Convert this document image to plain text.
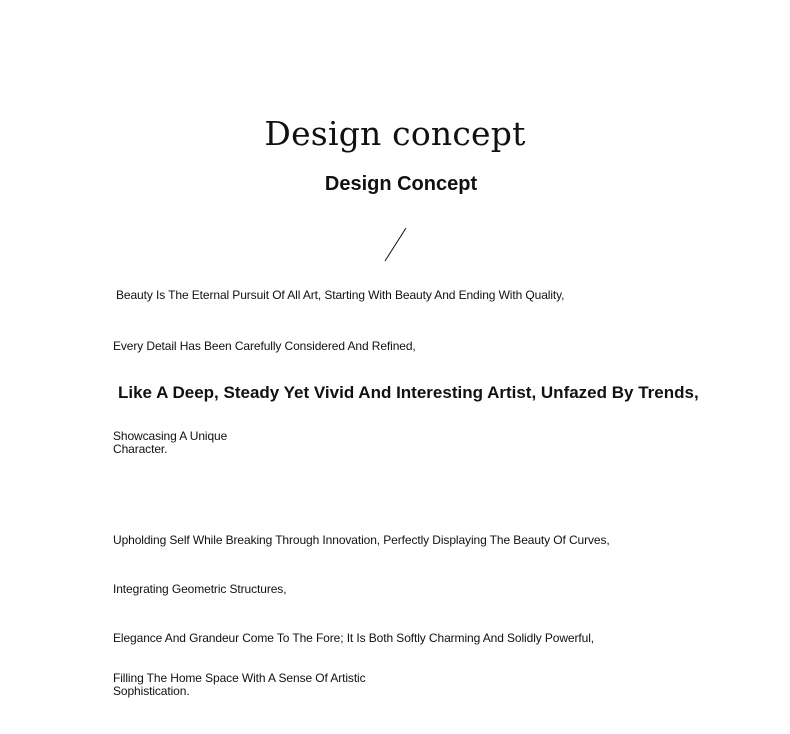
Design concept
Design Concept

Beauty Is The Eternal Pursuit Of All Art, Starting With Beauty And Ending With Quality,

Every Detail Has Been Carefully Considered And Refined,

Like A Deep, Steady Yet Vivid And Interesting Artist, Unfazed By Trends,

Showcasing A Unique Character.

Upholding Self While Breaking Through Innovation, Perfectly Displaying The Beauty Of Curves,

Integrating Geometric Structures,

Elegance And Grandeur Come To The Fore; It Is Both Softly Charming And Solidly Powerful,

Filling The Home Space With A Sense Of Artistic Sophistication.
